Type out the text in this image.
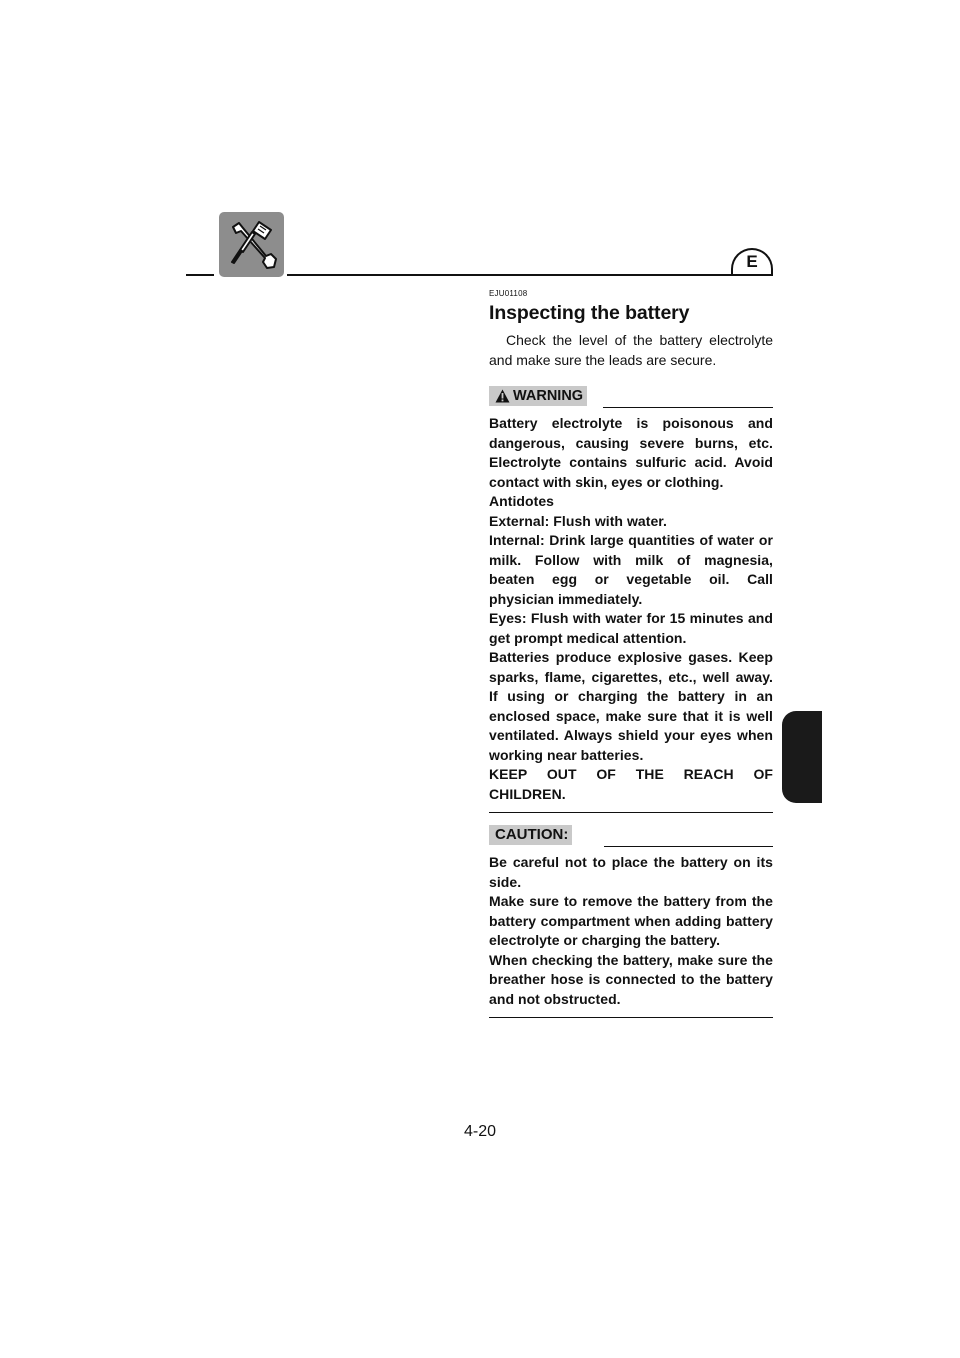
E

EJU01108

Inspecting the battery

Check the level of the battery electrolyte and make sure the leads are secure.

WARNING

Battery electrolyte is poisonous and dangerous, causing severe burns, etc. Electrolyte contains sulfuric acid. Avoid contact with skin, eyes or clothing.

Antidotes

External: Flush with water.

Internal: Drink large quantities of water or milk. Follow with milk of magnesia, beaten egg or vegetable oil. Call physician immediately.

Eyes: Flush with water for 15 minutes and get prompt medical attention.

Batteries produce explosive gases. Keep sparks, flame, cigarettes, etc., well away. If using or charging the battery in an enclosed space, make sure that it is well ventilated. Always shield your eyes when working near batteries.

KEEP OUT OF THE REACH OF CHILDREN.

CAUTION:

Be careful not to place the battery on its side.

Make sure to remove the battery from the battery compartment when adding battery electrolyte or charging the battery.

When checking the battery, make sure the breather hose is connected to the battery and not obstructed.

4-20
